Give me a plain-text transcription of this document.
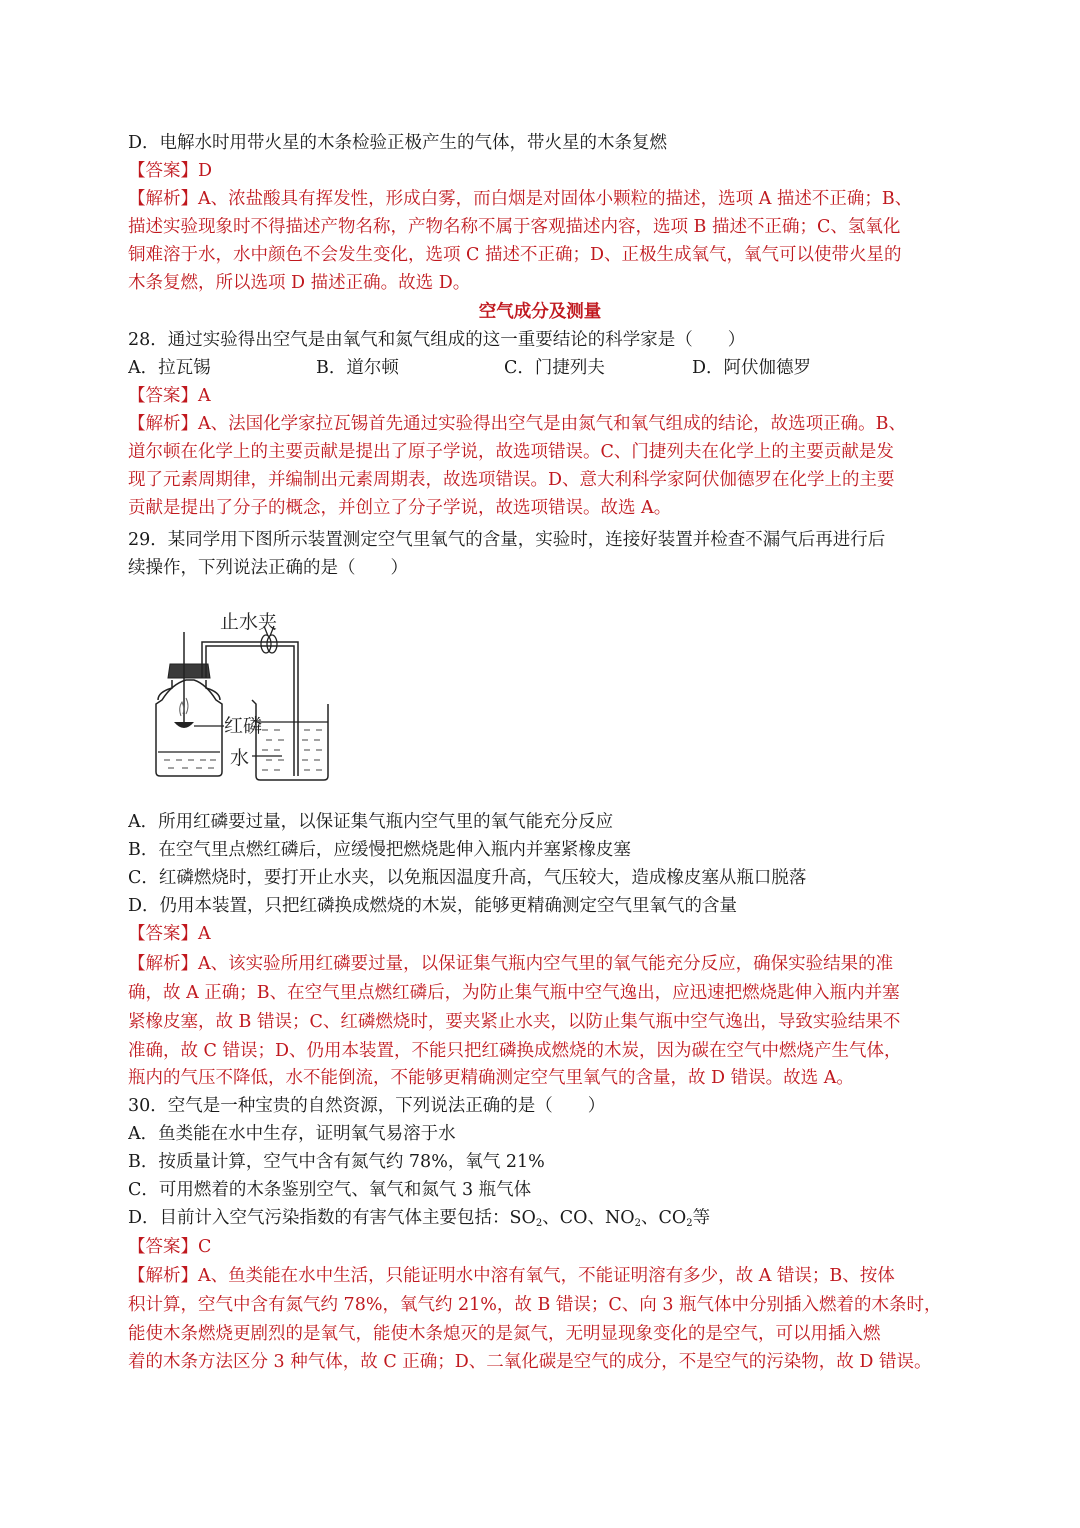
D．电解水时用带火星的木条检验正极产生的气体，带火星的木条复燃
【答案】D
【解析】A、浓盐酸具有挥发性，形成白雾，而白烟是对固体小颗粒的描述，选项 A 描述不正确；B、
描述实验现象时不得描述产物名称，产物名称不属于客观描述内容，选项 B 描述不正确；C、氢氧化
铜难溶于水，水中颜色不会发生变化，选项 C 描述不正确；D、正极生成氧气，氧气可以使带火星的
木条复燃，所以选项 D 描述正确。故选 D。
空气成分及测量
28．通过实验得出空气是由氧气和氮气组成的这一重要结论的科学家是（　　）
A．拉瓦锡	B．道尔顿	C．门捷列夫	D．阿伏伽德罗
【答案】A
【解析】A、法国化学家拉瓦锡首先通过实验得出空气是由氮气和氧气组成的结论，故选项正确。B、
道尔顿在化学上的主要贡献是提出了原子学说，故选项错误。C、门捷列夫在化学上的主要贡献是发
现了元素周期律，并编制出元素周期表，故选项错误。D、意大利科学家阿伏伽德罗在化学上的主要
贡献是提出了分子的概念，并创立了分子学说，故选项错误。故选 A。
29．某同学用下图所示装置测定空气里氧气的含量，实验时，连接好装置并检查不漏气后再进行后
续操作，下列说法正确的是（　　）
止水夹
红磷
水
A．所用红磷要过量，以保证集气瓶内空气里的氧气能充分反应
B．在空气里点燃红磷后，应缓慢把燃烧匙伸入瓶内并塞紧橡皮塞
C．红磷燃烧时，要打开止水夹，以免瓶因温度升高，气压较大，造成橡皮塞从瓶口脱落
D．仍用本装置，只把红磷换成燃烧的木炭，能够更精确测定空气里氧气的含量
【答案】A
【解析】A、该实验所用红磷要过量，以保证集气瓶内空气里的氧气能充分反应，确保实验结果的准
确，故 A 正确；B、在空气里点燃红磷后，为防止集气瓶中空气逸出，应迅速把燃烧匙伸入瓶内并塞
紧橡皮塞，故 B 错误；C、红磷燃烧时，要夹紧止水夹，以防止集气瓶中空气逸出，导致实验结果不
准确，故 C 错误；D、仍用本装置，不能只把红磷换成燃烧的木炭，因为碳在空气中燃烧产生气体，
瓶内的气压不降低，水不能倒流，不能够更精确测定空气里氧气的含量，故 D 错误。故选 A。
30．空气是一种宝贵的自然资源，下列说法正确的是（　　）
A．鱼类能在水中生存，证明氧气易溶于水
B．按质量计算，空气中含有氮气约 78%，氧气 21%
C．可用燃着的木条鉴别空气、氧气和氮气 3 瓶气体
D．目前计入空气污染指数的有害气体主要包括：$SO_2$、CO、$NO_2$、$CO_2$等
【答案】C
【解析】A、鱼类能在水中生活，只能证明水中溶有氧气，不能证明溶有多少，故 A 错误；B、按体
积计算，空气中含有氮气约 78%，氧气约 21%，故 B 错误；C、向 3 瓶气体中分别插入燃着的木条时，
能使木条燃烧更剧烈的是氧气，能使木条熄灭的是氮气，无明显现象变化的是空气，可以用插入燃
着的木条方法区分 3 种气体，故 C 正确；D、二氧化碳是空气的成分，不是空气的污染物，故 D 错误。
